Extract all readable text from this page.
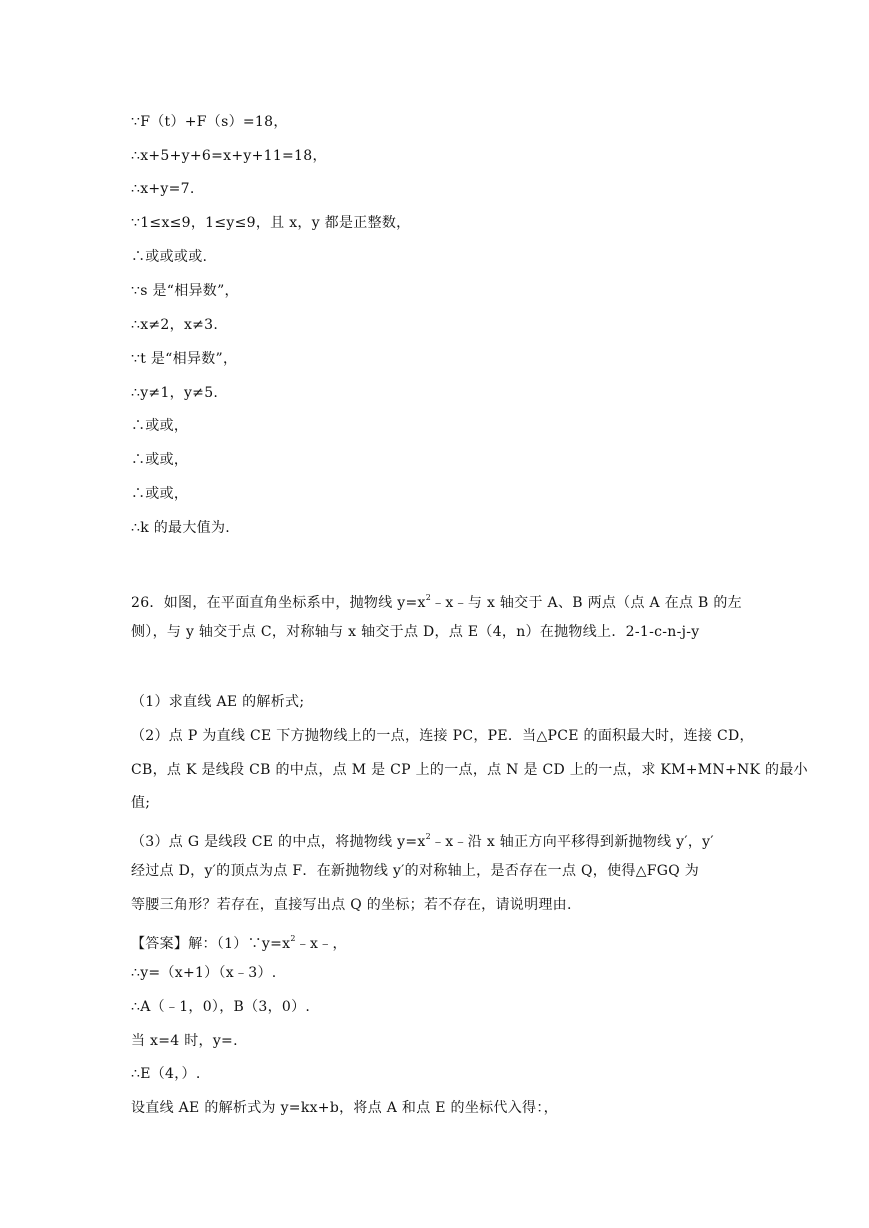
∵F（t）+F（s）=18，
∴x+5+y+6=x+y+11=18，
∴x+y=7.
∵1≤x≤9，1≤y≤9，且 x，y 都是正整数，
∴或或或或.
∵s 是“相异数”，
∴x≠2，x≠3.
∵t 是“相异数”，
∴y≠1，y≠5.
∴或或，
∴或或，
∴或或，
∴k 的最大值为.
26．如图，在平面直角坐标系中，抛物线 $y=x^2﹣x﹣$与 x 轴交于 A、B 两点（点 A 在点 B 的左
侧），与 y 轴交于点 C，对称轴与 x 轴交于点 D，点 E（4，n）在抛物线上．2-1-c-n-j-y
（1）求直线 AE 的解析式;
（2）点 P 为直线 CE 下方抛物线上的一点，连接 PC，PE．当△PCE 的面积最大时，连接 CD，
CB，点 K 是线段 CB 的中点，点 M 是 CP 上的一点，点 N 是 CD 上的一点，求 KM+MN+NK 的最小
值;
（3）点 G 是线段 CE 的中点，将抛物线 $y=x^2﹣x﹣$沿 x 轴正方向平移得到新抛物线 y′，y′
经过点 D，y′的顶点为点 F．在新抛物线 y′的对称轴上，是否存在一点 Q，使得△FGQ 为
等腰三角形？若存在，直接写出点 Q 的坐标；若不存在，请说明理由.
【答案】解：$(1)\because y=x^2﹣x﹣$，
∴y=（x+1）（x﹣3）.
∴A（﹣1，0），B（3，0）.
当 x=4 时，y=.
∴E（4，）.
设直线 AE 的解析式为 y=kx+b，将点 A 和点 E 的坐标代入得：，
